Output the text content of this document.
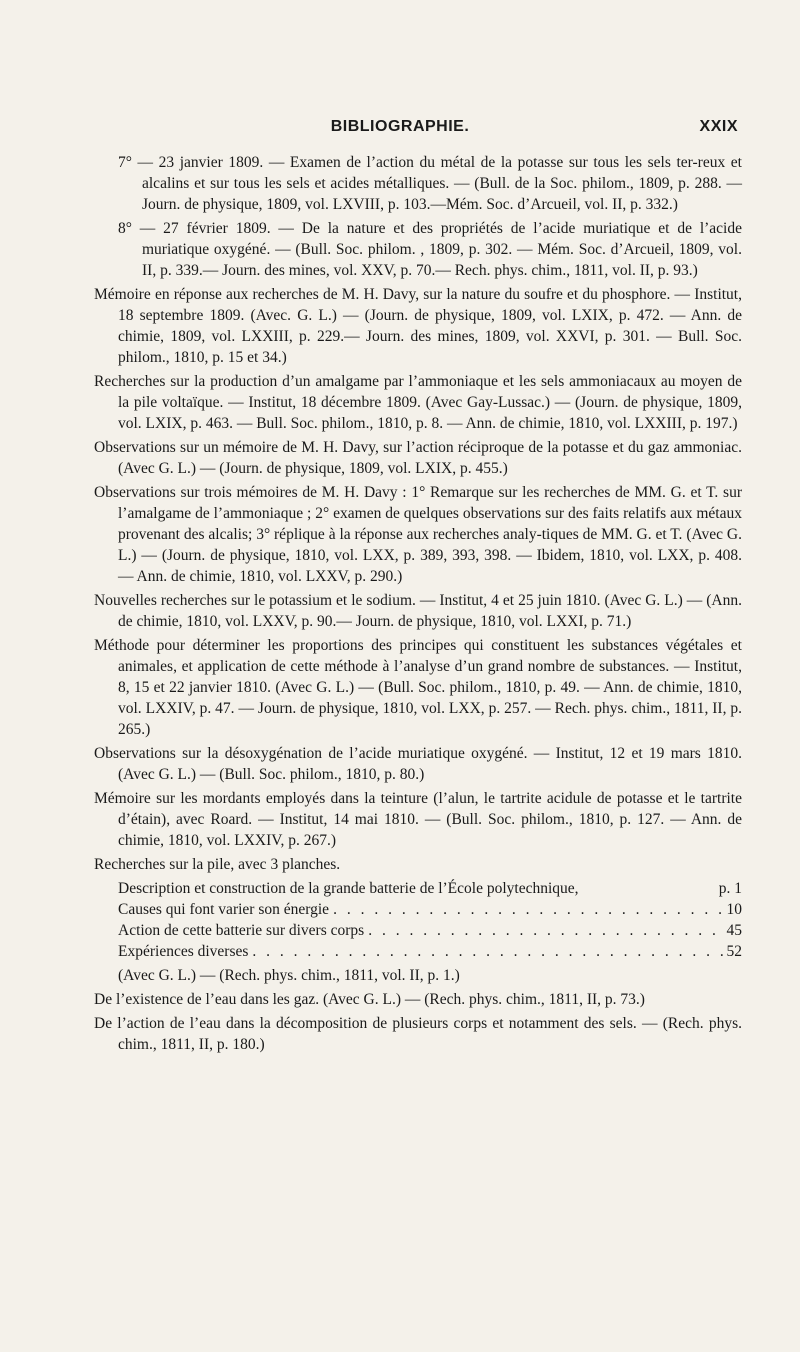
BIBLIOGRAPHIE.	XXIX

7° — 23 janvier 1809. — Examen de l’action du métal de la potasse sur tous les sels ter-reux et alcalins et sur tous les sels et acides métalliques. — (Bull. de la Soc. philom., 1809, p. 288. — Journ. de physique, 1809, vol. LXVIII, p. 103.—Mém. Soc. d’Arcueil, vol. II, p. 332.)

8° — 27 février 1809. — De la nature et des propriétés de l’acide muriatique et de l’acide muriatique oxygéné. — (Bull. Soc. philom. , 1809, p. 302. — Mém. Soc. d’Arcueil, 1809, vol. II, p. 339.— Journ. des mines, vol. XXV, p. 70.— Rech. phys. chim., 1811, vol. II, p. 93.)

Mémoire en réponse aux recherches de M. H. Davy, sur la nature du soufre et du phosphore. — Institut, 18 septembre 1809. (Avec. G. L.) — (Journ. de physique, 1809, vol. LXIX, p. 472. — Ann. de chimie, 1809, vol. LXXIII, p. 229.— Journ. des mines, 1809, vol. XXVI, p. 301. — Bull. Soc. philom., 1810, p. 15 et 34.)

Recherches sur la production d’un amalgame par l’ammoniaque et les sels ammoniacaux au moyen de la pile voltaïque. — Institut, 18 décembre 1809. (Avec Gay-Lussac.) — (Journ. de physique, 1809, vol. LXIX, p. 463. — Bull. Soc. philom., 1810, p. 8. — Ann. de chimie, 1810, vol. LXXIII, p. 197.)

Observations sur un mémoire de M. H. Davy, sur l’action réciproque de la potasse et du gaz ammoniac. (Avec G. L.) — (Journ. de physique, 1809, vol. LXIX, p. 455.)

Observations sur trois mémoires de M. H. Davy : 1° Remarque sur les recherches de MM. G. et T. sur l’amalgame de l’ammoniaque ; 2° examen de quelques observations sur des faits relatifs aux métaux provenant des alcalis; 3° réplique à la réponse aux recherches analy-tiques de MM. G. et T. (Avec G. L.) — (Journ. de physique, 1810, vol. LXX, p. 389, 393, 398. — Ibidem, 1810, vol. LXX, p. 408. — Ann. de chimie, 1810, vol. LXXV, p. 290.)

Nouvelles recherches sur le potassium et le sodium. — Institut, 4 et 25 juin 1810. (Avec G. L.) — (Ann. de chimie, 1810, vol. LXXV, p. 90.— Journ. de physique, 1810, vol. LXXI, p. 71.)

Méthode pour déterminer les proportions des principes qui constituent les substances végétales et animales, et application de cette méthode à l’analyse d’un grand nombre de substances. — Institut, 8, 15 et 22 janvier 1810. (Avec G. L.) — (Bull. Soc. philom., 1810, p. 49. — Ann. de chimie, 1810, vol. LXXIV, p. 47. — Journ. de physique, 1810, vol. LXX, p. 257. — Rech. phys. chim., 1811, II, p. 265.)

Observations sur la désoxygénation de l’acide muriatique oxygéné. — Institut, 12 et 19 mars 1810. (Avec G. L.) — (Bull. Soc. philom., 1810, p. 80.)

Mémoire sur les mordants employés dans la teinture (l’alun, le tartrite acidule de potasse et le tartrite d’étain), avec Roard. — Institut, 14 mai 1810. — (Bull. Soc. philom., 1810, p. 127. — Ann. de chimie, 1810, vol. LXXIV, p. 267.)

Recherches sur la pile, avec 3 planches.

Description et construction de la grande batterie de l’École polytechnique,	p. 1
Causes qui font varier son énergie . . .	10
Action de cette batterie sur divers corps . . .	45
Expériences diverses . . .	52

(Avec G. L.) — (Rech. phys. chim., 1811, vol. II, p. 1.)

De l’existence de l’eau dans les gaz. (Avec G. L.) — (Rech. phys. chim., 1811, II, p. 73.)

De l’action de l’eau dans la décomposition de plusieurs corps et notamment des sels. — (Rech. phys. chim., 1811, II, p. 180.)
